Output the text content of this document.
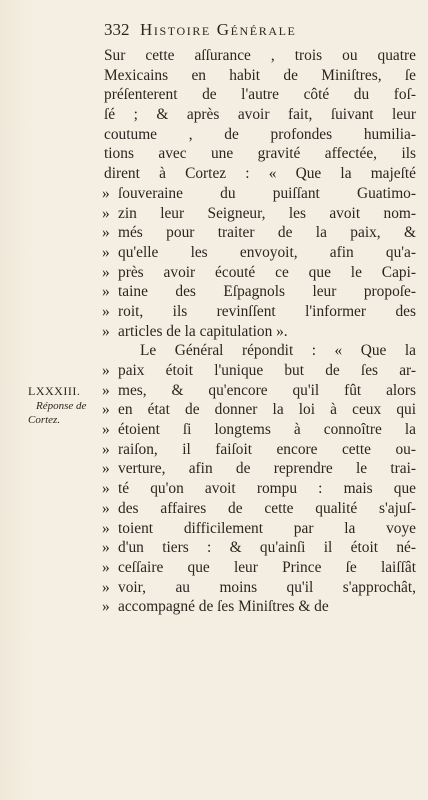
332 Histoire Générale
LXXXIII.
Réponse de
Cortez.
Sur cette aſſurance , trois ou quatre
Mexicains en habit de Miniſtres, ſe
préſenterent de l'autre côté du foſ-
ſé ; & après avoir fait, ſuivant leur
coutume , de profondes humilia-
tions avec une gravité affectée, ils
dirent à Cortez : « Que la majeſté
» ſouveraine du puiſſant Guatimo-
» zin leur Seigneur, les avoit nom-
» més pour traiter de la paix, &
» qu'elle les envoyoit, afin qu'a-
» près avoir écouté ce que le Capi-
» taine des Eſpagnols leur propoſe-
» roit, ils revinſſent l'informer des
» articles de la capitulation ».
Le Général répondit : « Que la
» paix étoit l'unique but de ſes ar-
» mes, & qu'encore qu'il fût alors
» en état de donner la loi à ceux qui
» étoient ſi longtems à connoître la
» raiſon, il faiſoit encore cette ou-
» verture, afin de reprendre le trai-
» té qu'on avoit rompu : mais que
» des affaires de cette qualité s'ajuſ-
» toient difficilement par la voye
» d'un tiers : & qu'ainſi il étoit né-
» ceſſaire que leur Prince ſe laiſſât
» voir, au moins qu'il s'approchât,
» accompagné de ſes Miniſtres & de
